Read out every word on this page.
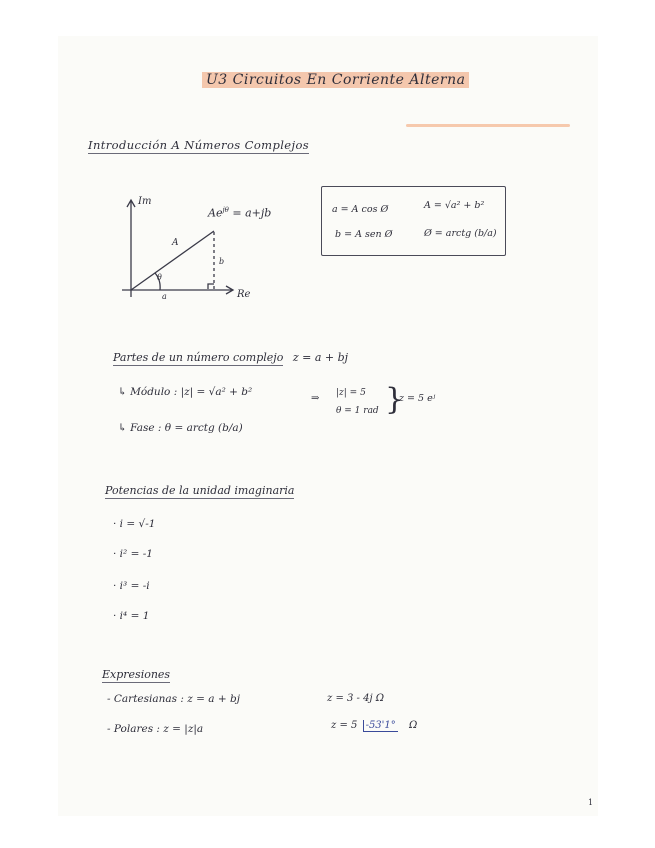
U3 Circuitos En Corriente Alterna
Introducción A Números Complejos
Im
Re
$Ae^{j\theta} = a+jb$
A
b
θ
a
a = A cos Ø	A = √a² + b²
b = A sen Ø	Ø = arctg (b/a)
Partes de un número complejo z = a + bj
↳ Módulo : |z| = √a² + b²
↳ Fase : θ = arctg (b/a)
⇒ |z| = 5
θ = 1 rad }
z = 5 eʲ
Potencias de la unidad imaginaria
· i = √-1
· i² = -1
· i³ = -i
· i⁴ = 1
Expresiones
- Cartesianas : z = a + bj
- Polares : z = |z|a
z = 3 - 4j Ω
z = 5 -53'1° Ω
1
